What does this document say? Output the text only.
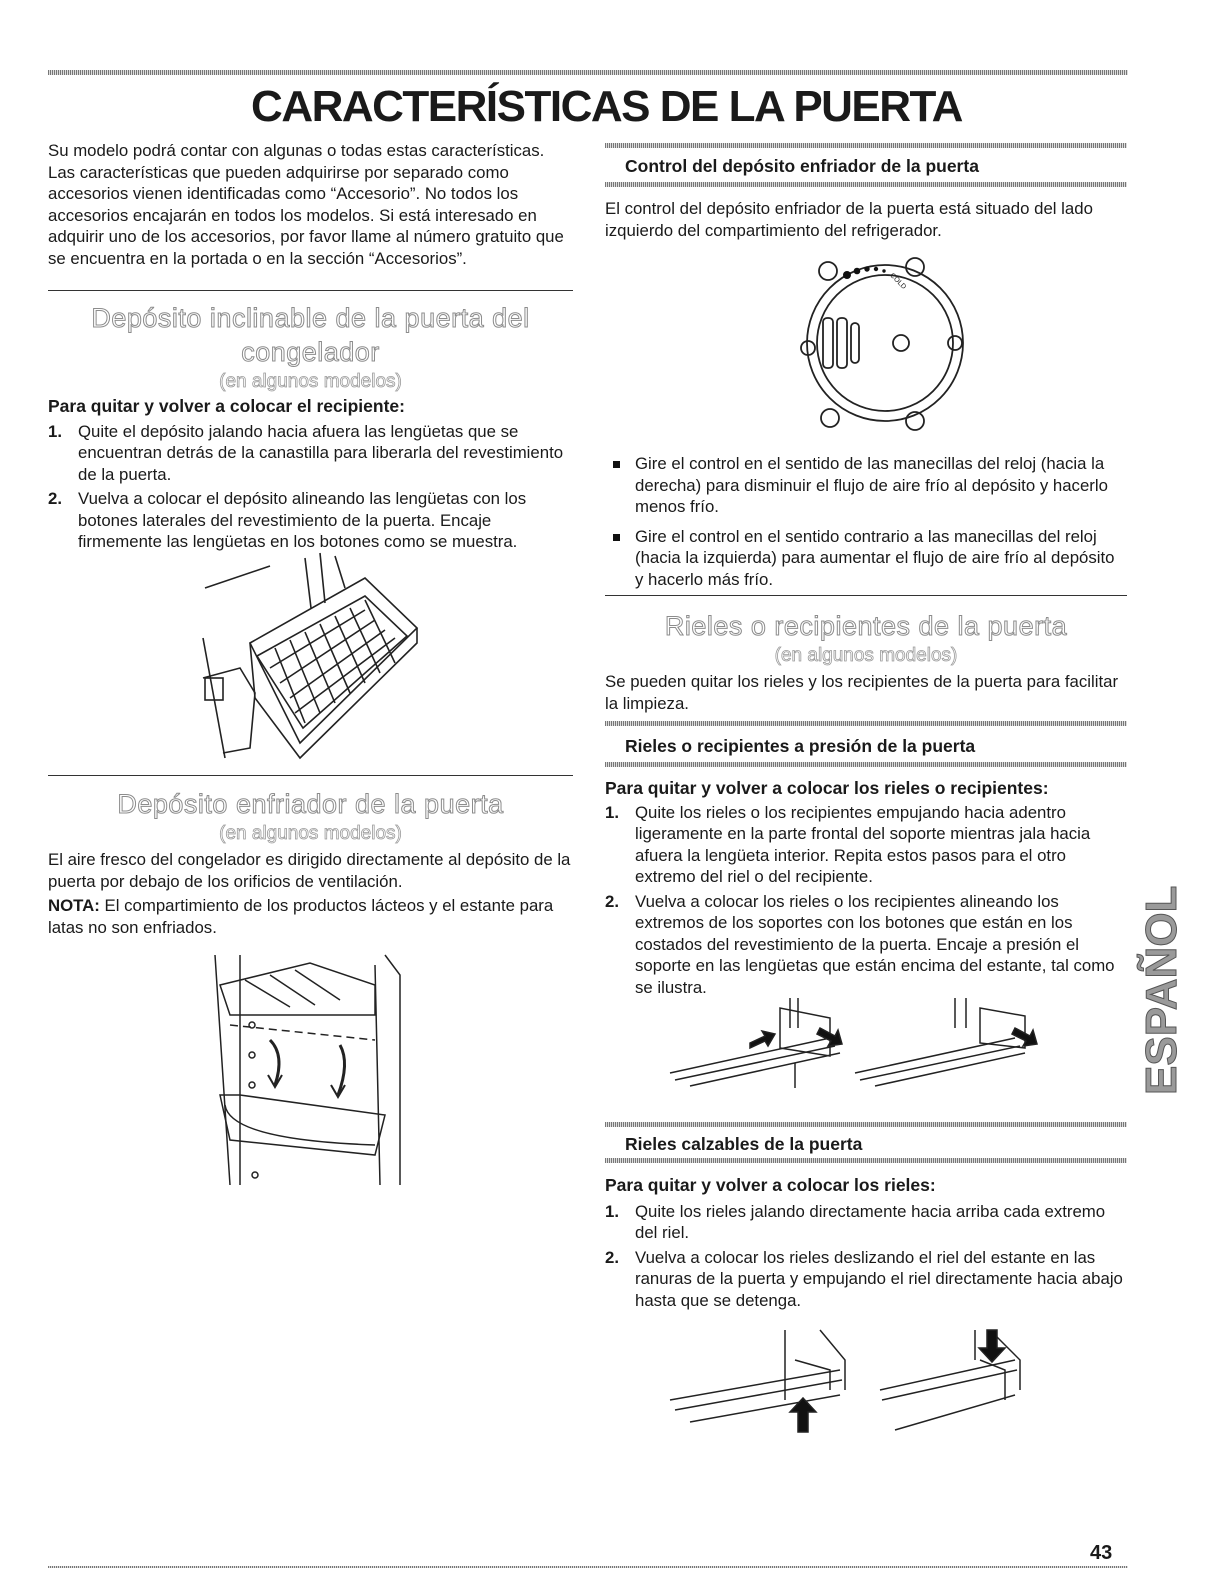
CARACTERÍSTICAS DE LA PUERTA

Su modelo podrá contar con algunas o todas estas características. Las características que pueden adquirirse por separado como accesorios vienen identificadas como “Accesorio”. No todos los accesorios encajarán en todos los modelos. Si está interesado en adquirir uno de los accesorios, por favor llame al número gratuito que se encuentra en la portada o en la sección “Accesorios”.

Depósito inclinable de la puerta del

congelador

(en algunos modelos)

Para quitar y volver a colocar el recipiente:

1. Quite el depósito jalando hacia afuera las lengüetas que se encuentran detrás de la canastilla para liberarla del revestimiento de la puerta.
2. Vuelva a colocar el depósito alineando las lengüetas con los botones laterales del revestimiento de la puerta. Encaje firmemente las lengüetas en los botones como se muestra.

Depósito enfriador de la puerta

(en algunos modelos)

El aire fresco del congelador es dirigido directamente al depósito de la puerta por debajo de los orificios de ventilación.

NOTA: El compartimiento de los productos lácteos y el estante para latas no son enfriados.

Control del depósito enfriador de la puerta

El control del depósito enfriador de la puerta está situado del lado izquierdo del compartimiento del refrigerador.

COLD
Gire el control en el sentido de las manecillas del reloj (hacia la derecha) para disminuir el flujo de aire frío al depósito y hacerlo menos frío.
Gire el control en el sentido contrario a las manecillas del reloj (hacia la izquierda) para aumentar el flujo de aire frío al depósito y hacerlo más frío.

Rieles o recipientes de la puerta

(en algunos modelos)

Se pueden quitar los rieles y los recipientes de la puerta para facilitar la limpieza.

Rieles o recipientes a presión de la puerta

Para quitar y volver a colocar los rieles o recipientes:

1. Quite los rieles o los recipientes empujando hacia adentro ligeramente en la parte frontal del soporte mientras jala hacia afuera la lengüeta interior. Repita estos pasos para el otro extremo del riel o del recipiente.
2. Vuelva a colocar los rieles o los recipientes alineando los extremos de los soportes con los botones que están en los costados del revestimiento de la puerta. Encaje a presión el soporte en las lengüetas que están encima del estante, tal como se ilustra.

Rieles calzables de la puerta

Para quitar y volver a colocar los rieles:

1. Quite los rieles jalando directamente hacia arriba cada extremo del riel.
2. Vuelva a colocar los rieles deslizando el riel del estante en las ranuras de la puerta y empujando el riel directamente hacia abajo hasta que se detenga.
ESPAÑOL
43
